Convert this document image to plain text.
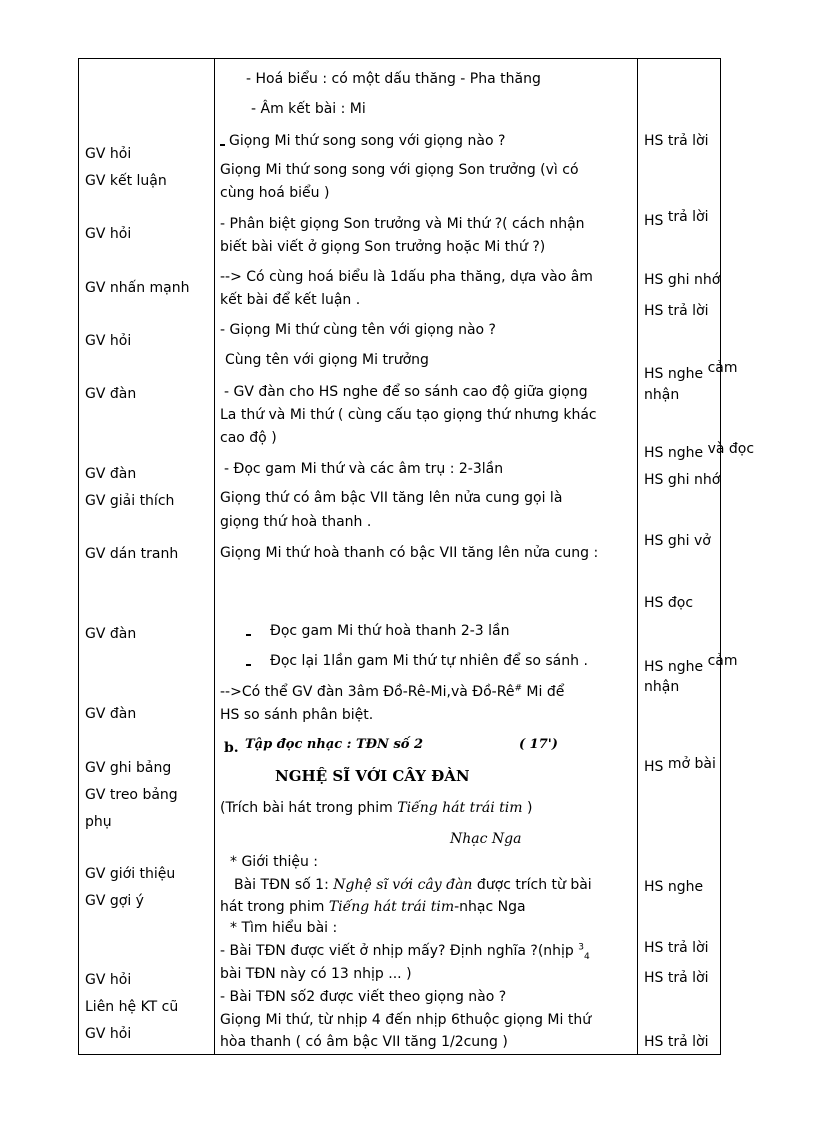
GV hỏi
GV kết luận
GV hỏi
GV nhấn mạnh
GV hỏi
GV đàn
GV đàn
GV giải thích
GV dán tranh
GV đàn
GV đàn
GV ghi bảng
GV treo bảng
phụ
GV giới thiệu
GV gợi ý
GV hỏi
Liên hệ KT cũ
GV hỏi
- Hoá biểu : có một dấu thăng - Pha thăng
- Âm kết bài : Mi
Giọng Mi thứ song song với giọng nào ?
Giọng Mi thứ song song với giọng Son trưởng (vì có
cùng hoá biểu )
- Phân biệt giọng Son trưởng và Mi thứ ?( cách nhận
biết bài viết ở giọng Son trưởng hoặc Mi thứ ?)
--> Có cùng hoá biểu là 1dấu pha thăng, dựa vào âm
kết bài để kết luận .
- Giọng Mi thứ cùng tên với giọng nào ?
Cùng tên với giọng Mi trưởng
- GV đàn cho HS nghe để so sánh cao độ giữa giọng
La thứ và Mi thứ ( cùng cấu tạo giọng thứ nhưng khác
cao độ )
- Đọc gam Mi thứ và các âm trụ : 2-3lần
Giọng thứ có âm bậc VII tăng lên nửa cung gọi là
giọng thứ hoà thanh .
Giọng Mi thứ hoà thanh có bậc VII tăng lên nửa cung :
Đọc gam Mi thứ hoà thanh 2-3 lần
Đọc lại 1lần gam Mi thứ tự nhiên để so sánh .
-->Có thể GV đàn 3âm Đồ-Rê-Mi,và Đồ-Rê# Mi để
HS so sánh phân biệt.
b. Tập đọc nhạc : TĐN số 2	( 17')
NGHỆ SĨ VỚI CÂY ĐÀN
(Trích bài hát trong phim Tiếng hát trái tim )
Nhạc Nga
* Giới thiệu :
Bài TĐN số 1: Nghệ sĩ với cây đàn được trích từ bài
hát trong phim Tiếng hát trái tim-nhạc Nga
* Tìm hiểu bài :
- Bài TĐN được viết ở nhịp mấy? Định nghĩa ?(nhịp $^3_4$
bài TĐN này có 13 nhịp ... )
- Bài TĐN số2 được viết theo giọng nào ?
Giọng Mi thứ, từ nhịp 4 đến nhịp 6thuộc giọng Mi thứ
hòa thanh ( có âm bậc VII tăng 1/2cung )
HS trả lời
HS trả lời
HS ghi nhớ
HS trả lời
HS nghe cảm
nhận
HS nghe và đọc
HS ghi nhớ
HS ghi vở
HS đọc
HS nghe cảm
nhận
HS mở bài
HS nghe
HS trả lời
HS trả lời
HS trả lời
